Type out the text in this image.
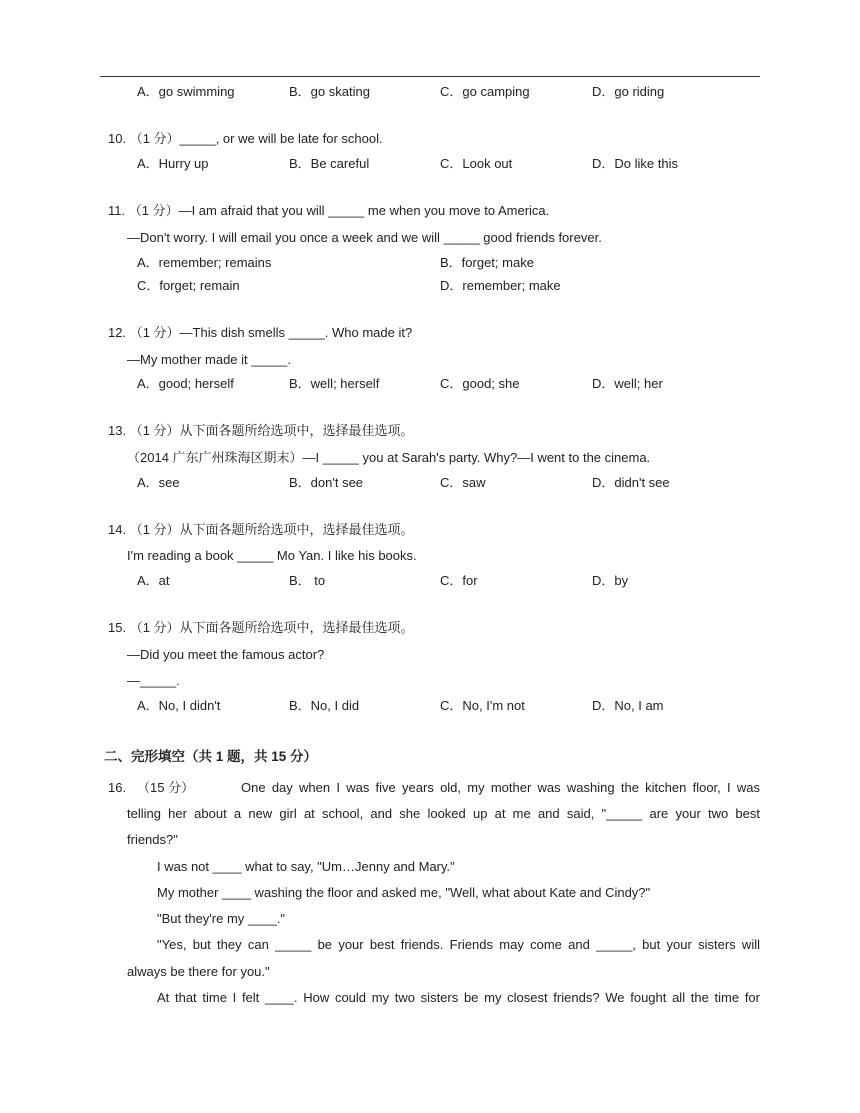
A．go swimming	B．go skating	C．go camping	D．go riding
10. （1 分）_____, or we will be late for school.
A．Hurry up	B．Be careful	C．Look out	D．Do like this
11. （1 分）—I am afraid that you will _____ me when you move to America.
—Don't worry. I will email you once a week and we will _____ good friends forever.
A．remember; remains	B．forget; make
C．forget; remain	D．remember; make
12. （1 分）—This dish smells _____. Who made it?
—My mother made it _____.
A．good; herself	B．well; herself	C．good; she	D．well; her
13. （1 分）从下面各题所给选项中，选择最佳选项。
（2014 广东广州珠海区期末）—I _____ you at Sarah's party. Why?—I went to the cinema.
A．see	B．don't see	C．saw	D．didn't see
14. （1 分）从下面各题所给选项中，选择最佳选项。
I'm reading a book _____ Mo Yan. I like his books.
A．at	B． to	C．for	D．by
15. （1 分）从下面各题所给选项中，选择最佳选项。
—Did you meet the famous actor?
—_____.
A．No, I didn't	B．No, I did	C．No, I'm not	D．No, I am
二、完形填空（共 1 题，共 15 分）
16. （15 分）	One day when I was five years old, my mother was washing the kitchen floor, I was
telling her about a new girl at school, and she looked up at me and said, "_____ are your two best
friends?"
I was not ____ what to say, "Um…Jenny and Mary."
My mother ____ washing the floor and asked me, "Well, what about Kate and Cindy?"
"But they're my ____."
"Yes, but they can _____ be your best friends. Friends may come and _____, but your sisters will
always be there for you."
At that time I felt ____. How could my two sisters be my closest friends? We fought all the time for
